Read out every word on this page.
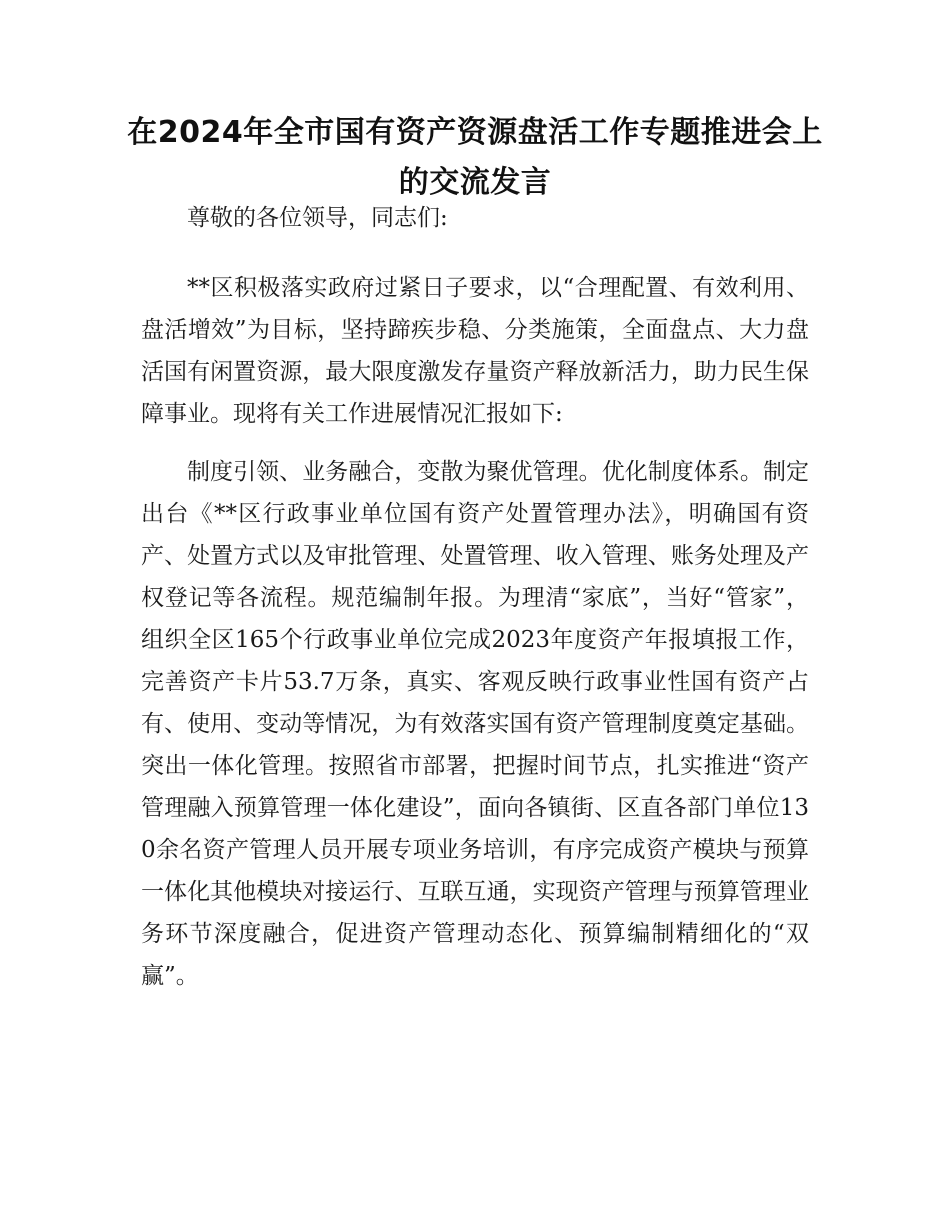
在2024年全市国有资产资源盘活工作专题推进会上的交流发言

尊敬的各位领导，同志们:

**区积极落实政府过紧日子要求，以“合理配置、有效利用、盘活增效”为目标，坚持蹄疾步稳、分类施策，全面盘点、大力盘活国有闲置资源，最大限度激发存量资产释放新活力，助力民生保障事业。现将有关工作进展情况汇报如下:

制度引领、业务融合，变散为聚优管理。优化制度体系。制定出台《**区行政事业单位国有资产处置管理办法》，明确国有资产、处置方式以及审批管理、处置管理、收入管理、账务处理及产权登记等各流程。规范编制年报。为理清“家底”，当好“管家”，组织全区165个行政事业单位完成2023年度资产年报填报工作，完善资产卡片53.7万条，真实、客观反映行政事业性国有资产占有、使用、变动等情况，为有效落实国有资产管理制度奠定基础。突出一体化管理。按照省市部署，把握时间节点，扎实推进“资产管理融入预算管理一体化建设”，面向各镇街、区直各部门单位130余名资产管理人员开展专项业务培训，有序完成资产模块与预算一体化其他模块对接运行、互联互通，实现资产管理与预算管理业务环节深度融合，促进资产管理动态化、预算编制精细化的“双赢”。
